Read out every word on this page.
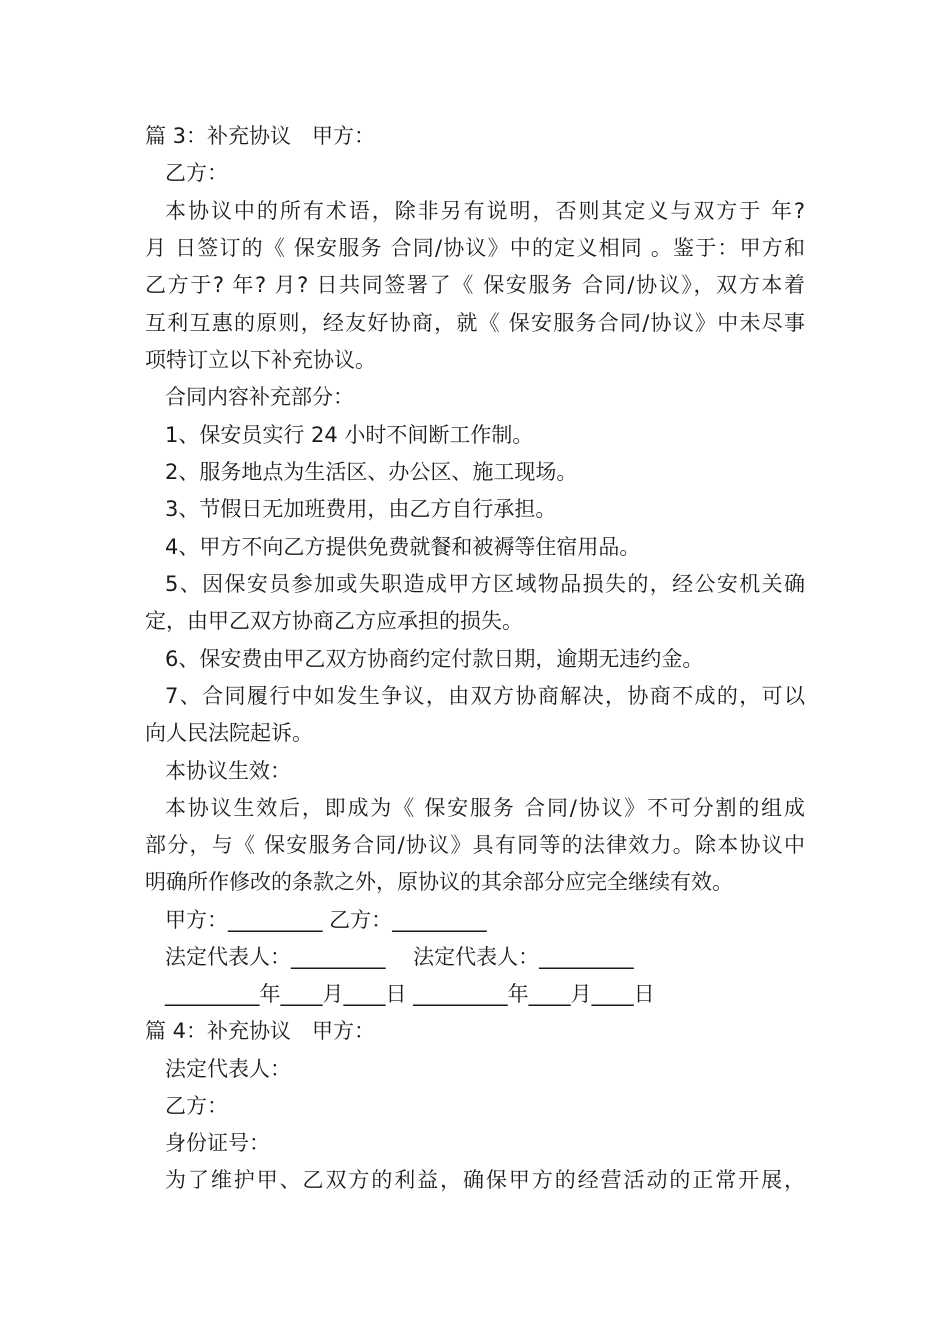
篇 3：补充协议　甲方：
乙方：
本协议中的所有术语，除非另有说明，否则其定义与双方于 年?
月 日签订的《 保安服务 合同/协议》中的定义相同 。鉴于：甲方和
乙方于? 年? 月? 日共同签署了《 保安服务 合同/协议》，双方本着
互利互惠的原则，经友好协商，就《 保安服务合同/协议》中未尽事
项特订立以下补充协议。
合同内容补充部分：
1、保安员实行 24 小时不间断工作制。
2、服务地点为生活区、办公区、施工现场。
3、节假日无加班费用，由乙方自行承担。
4、甲方不向乙方提供免费就餐和被褥等住宿用品。
5、因保安员参加或失职造成甲方区域物品损失的，经公安机关确
定，由甲乙双方协商乙方应承担的损失。
6、保安费由甲乙双方协商约定付款日期，逾期无违约金。
7、合同履行中如发生争议，由双方协商解决，协商不成的，可以
向人民法院起诉。
本协议生效：
本协议生效后，即成为《 保安服务 合同/协议》不可分割的组成
部分，与《 保安服务合同/协议》具有同等的法律效力。除本协议中
明确所作修改的条款之外，原协议的其余部分应完全继续有效。
甲方：_________ 乙方：_________
法定代表人：_________　 法定代表人：_________
_________年____月____日 _________年____月____日
篇 4：补充协议　甲方：
法定代表人：
乙方：
身份证号：
为了维护甲、乙双方的利益，确保甲方的经营活动的正常开展，
